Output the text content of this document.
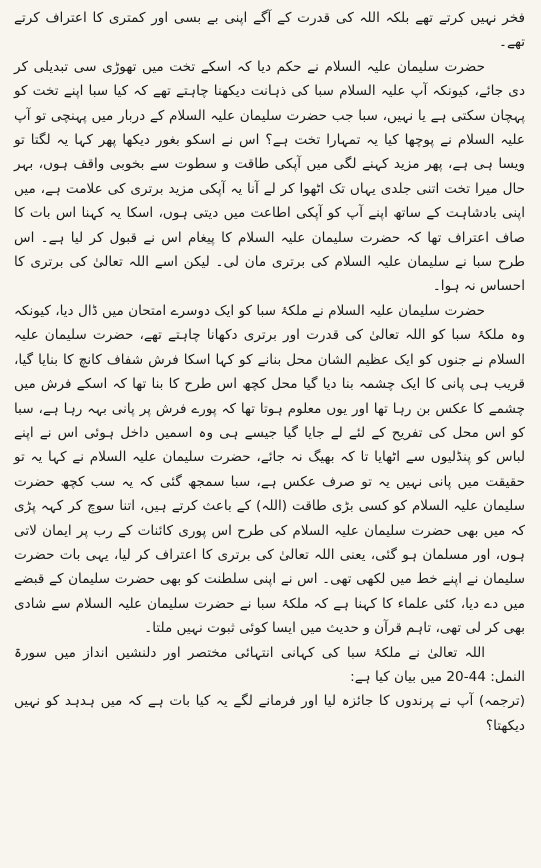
فخر نہیں کرتے تھے بلکہ اللہ کی قدرت کے آگے اپنی بے بسی اور کمتری کا اعتراف کرتے تھے۔

حضرت سلیمان علیہ السلام نے حکم دیا کہ اسکے تخت میں تھوڑی سی تبدیلی کر دی جائے، کیونکہ آپ علیہ السلام سبا کی ذہانت دیکھنا چاہتے تھے کہ کیا سبا اپنے تخت کو پہچان سکتی ہے یا نہیں، سبا جب حضرت سلیمان علیہ السلام کے دربار میں پہنچی تو آپ علیہ السلام نے پوچھا کیا یہ تمہارا تخت ہے؟ اس نے اسکو بغور دیکھا پھر کہا یہ لگتا تو ویسا ہی ہے، پھر مزید کہنے لگی میں آپکی طاقت و سطوت سے بخوبی واقف ہوں، بہر حال میرا تخت اتنی جلدی یہاں تک اٹھوا کر لے آنا یہ آپکی مزید برتری کی علامت ہے، میں اپنی بادشاہت کے ساتھ اپنے آپ کو آپکی اطاعت میں دیتی ہوں، اسکا یہ کہنا اس بات کا صاف اعتراف تھا کہ حضرت سلیمان علیہ السلام کا پیغام اس نے قبول کر لیا ہے۔ اس طرح سبا نے سلیمان علیہ السلام کی برتری مان لی۔ لیکن اسے اللہ تعالیٰ کی برتری کا احساس نہ ہوا۔

حضرت سلیمان علیہ السلام نے ملکۂ سبا کو ایک دوسرے امتحان میں ڈال دیا، کیونکہ وہ ملکۂ سبا کو اللہ تعالیٰ کی قدرت اور برتری دکھانا چاہتے تھے، حضرت سلیمان علیہ السلام نے جنوں کو ایک عظیم الشان محل بنانے کو کہا اسکا فرش شفاف کانچ کا بنایا گیا، قریب ہی پانی کا ایک چشمہ بنا دیا گیا محل کچھ اس طرح کا بنا تھا کہ اسکے فرش میں چشمے کا عکس بن رہا تھا اور یوں معلوم ہوتا تھا کہ پورے فرش پر پانی بہہ رہا ہے، سبا کو اس محل کی تفریح کے لئے لے جایا گیا جیسے ہی وہ اسمیں داخل ہوئی اس نے اپنے لباس کو پنڈلیوں سے اٹھایا تا کہ بھیگ نہ جائے، حضرت سلیمان علیہ السلام نے کہا یہ تو حقیقت میں پانی نہیں یہ تو صرف عکس ہے، سبا سمجھ گئی کہ یہ سب کچھ حضرت سلیمان علیہ السلام کو کسی بڑی طاقت (اللہ) کے باعث کرتے ہیں، اتنا سوچ کر کہہ پڑی کہ میں بھی حضرت سلیمان علیہ السلام کی طرح اس پوری کائنات کے رب پر ایمان لاتی ہوں، اور مسلمان ہو گئی، یعنی اللہ تعالیٰ کی برتری کا اعتراف کر لیا، یہی بات حضرت سلیمان نے اپنے خط میں لکھی تھی۔ اس نے اپنی سلطنت کو بھی حضرت سلیمان کے قبضے میں دے دیا، کئی علماء کا کہنا ہے کہ ملکۂ سبا نے حضرت سلیمان علیہ السلام سے شادی بھی کر لی تھی، تاہم قرآن و حدیث میں ایسا کوئی ثبوت نہیں ملتا۔

اللہ تعالیٰ نے ملکۂ سبا کی کہانی انتہائی مختصر اور دلنشیں انداز میں سورۃ النمل: 44-20 میں بیان کیا ہے:

(ترجمہ) آپ نے پرندوں کا جائزہ لیا اور فرمانے لگے یہ کیا بات ہے کہ میں ہدہد کو نہیں دیکھتا؟
